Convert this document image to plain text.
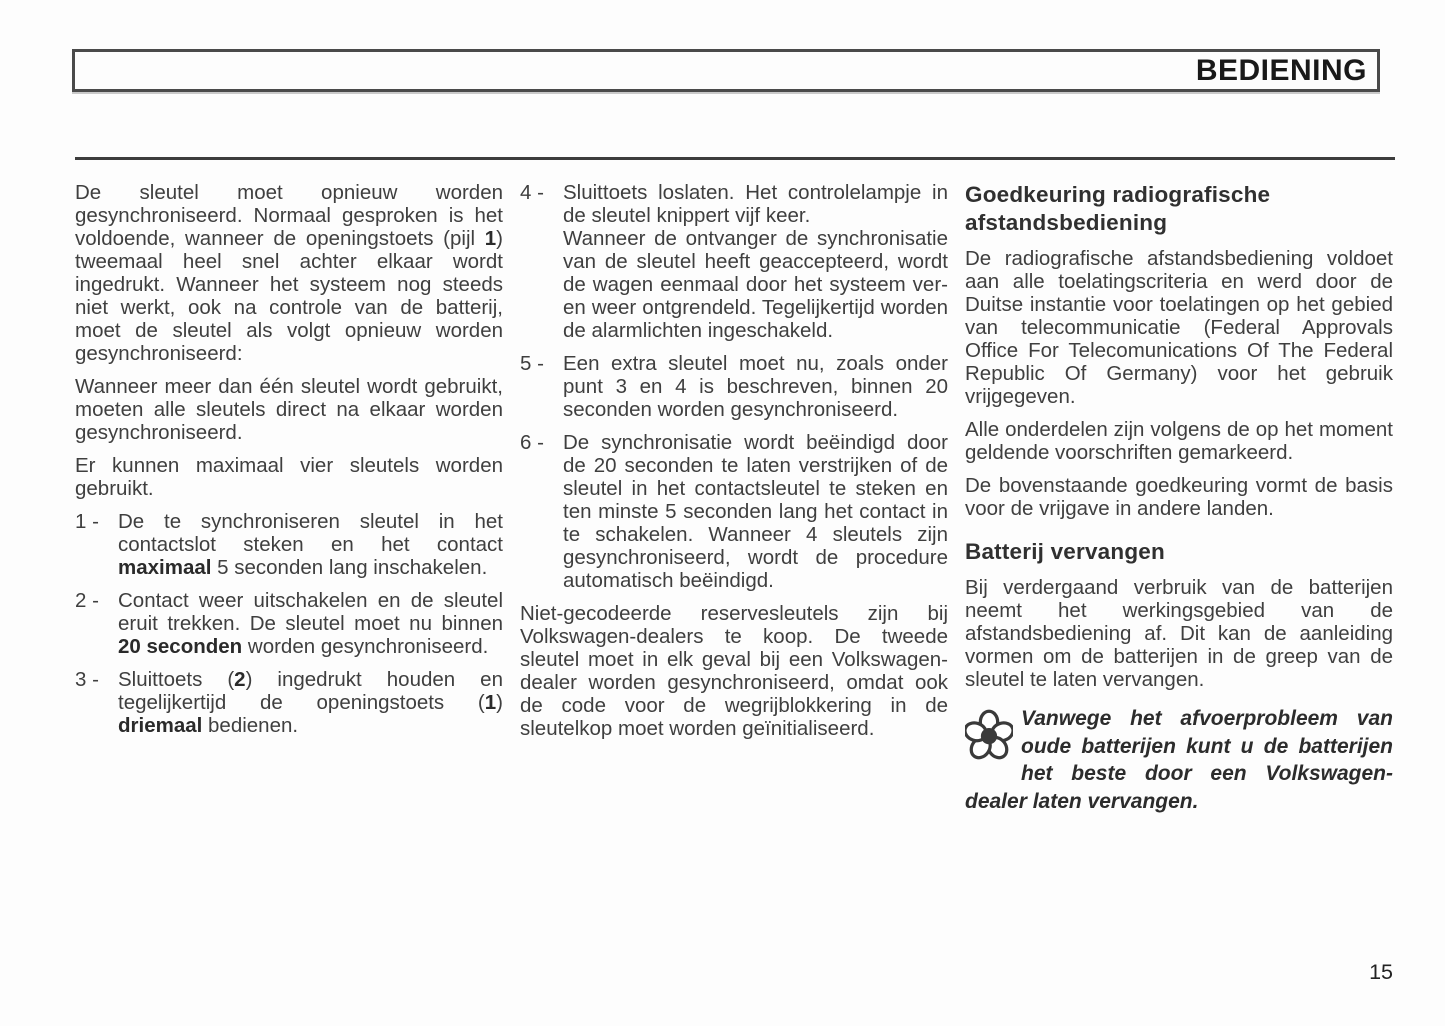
BEDIENING

De sleutel moet opnieuw worden gesynchroniseerd. Normaal gesproken is het voldoende, wanneer de openingstoets (pijl 1) tweemaal heel snel achter elkaar wordt ingedrukt. Wanneer het systeem nog steeds niet werkt, ook na controle van de batterij, moet de sleutel als volgt opnieuw worden gesynchroniseerd:

Wanneer meer dan één sleutel wordt gebruikt, moeten alle sleutels direct na elkaar worden gesynchroniseerd.

Er kunnen maximaal vier sleutels worden gebruikt.

1 - De te synchroniseren sleutel in het contactslot steken en het contact maximaal 5 seconden lang inschakelen.
2 - Contact weer uitschakelen en de sleutel eruit trekken. De sleutel moet nu binnen 20 seconden worden gesynchroniseerd.
3 - Sluittoets (2) ingedrukt houden en tegelijkertijd de openingstoets (1) driemaal bedienen.
4 - Sluittoets loslaten. Het controlelampje in de sleutel knippert vijf keer.
Wanneer de ontvanger de synchronisatie van de sleutel heeft geaccepteerd, wordt de wagen eenmaal door het systeem ver- en weer ontgrendeld. Tegelijkertijd worden de alarmlichten ingeschakeld.
5 - Een extra sleutel moet nu, zoals onder punt 3 en 4 is beschreven, binnen 20 seconden worden gesynchroniseerd.
6 - De synchronisatie wordt beëindigd door de 20 seconden te laten verstrijken of de sleutel in het contactsleutel te steken en ten minste 5 seconden lang het contact in te schakelen. Wanneer 4 sleutels zijn gesynchroniseerd, wordt de procedure automatisch beëindigd.

Niet-gecodeerde reservesleutels zijn bij Volkswagen-dealers te koop. De tweede sleutel moet in elk geval bij een Volkswagen-dealer worden gesynchroniseerd, omdat ook de code voor de wegrijblokkering in de sleutelkop moet worden geïnitialiseerd.

Goedkeuring radiografische afstandsbediening

De radiografische afstandsbediening voldoet aan alle toelatingscriteria en werd door de Duitse instantie voor toelatingen op het gebied van telecommunicatie (Federal Approvals Office For Telecomunications Of The Federal Republic Of Germany) voor het gebruik vrijgegeven.

Alle onderdelen zijn volgens de op het moment geldende voorschriften gemarkeerd.

De bovenstaande goedkeuring vormt de basis voor de vrijgave in andere landen.

Batterij vervangen

Bij verdergaand verbruik van de batterijen neemt het werkingsgebied van de afstandsbediening af. Dit kan de aanleiding vormen om de batterijen in de greep van de sleutel te laten vervangen.

Vanwege het afvoerprobleem van oude batterijen kunt u de batterijen het beste door een Volkswagen-dealer laten vervangen.
15
